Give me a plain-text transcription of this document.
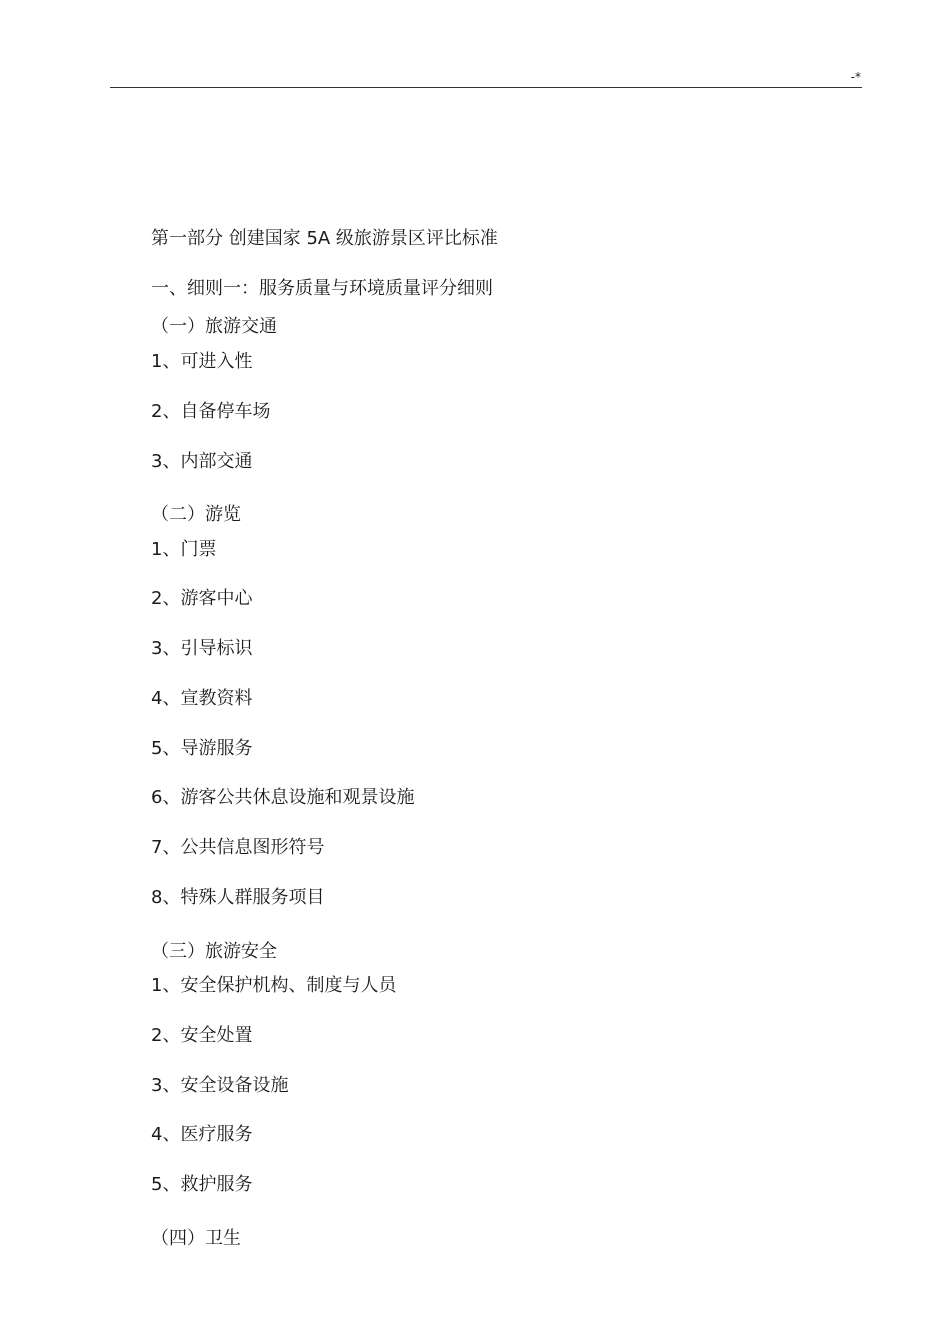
-*
第一部分 创建国家 5A 级旅游景区评比标准
一、细则一：服务质量与环境质量评分细则
（一）旅游交通
1、可进入性
2、自备停车场
3、内部交通
（二）游览
1、门票
2、游客中心
3、引导标识
4、宣教资料
5、导游服务
6、游客公共休息设施和观景设施
7、公共信息图形符号
8、特殊人群服务项目
（三）旅游安全
1、安全保护机构、制度与人员
2、安全处置
3、安全设备设施
4、医疗服务
5、救护服务
（四）卫生
